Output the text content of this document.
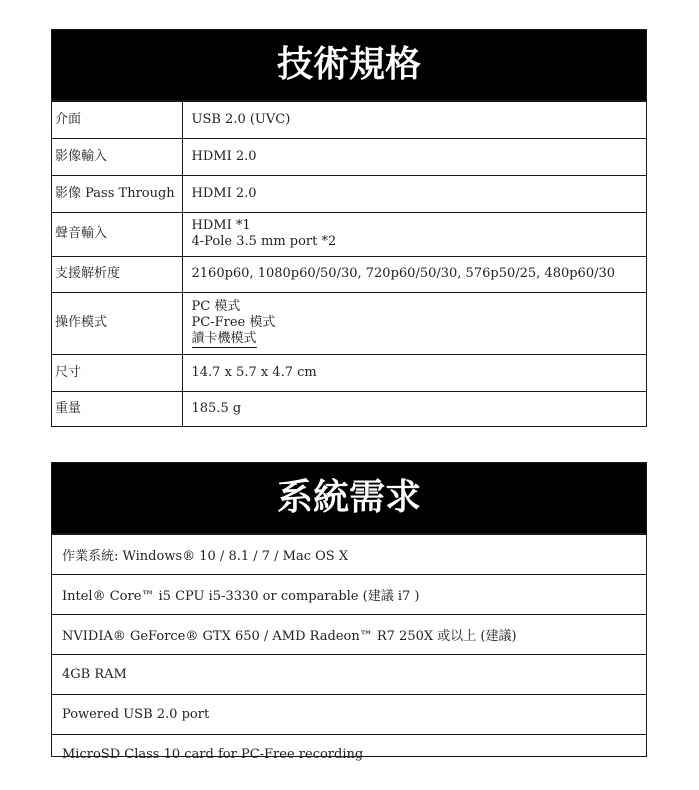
技術規格
介面	USB 2.0 (UVC)
影像輸入	HDMI 2.0
影像 Pass Through	HDMI 2.0
聲音輸入	HDMI *1
4-Pole 3.5 mm port *2

支援解析度	2160p60, 1080p60/50/30, 720p60/50/30, 576p50/25, 480p60/30
操作模式	PC 模式
PC-Free 模式
讀卡機模式
尺寸	14.7 x 5.7 x 4.7 cm
重量	185.5 g
系統需求
作業系統: Windows® 10 / 8.1 / 7 / Mac OS X
Intel® Core™ i5 CPU i5-3330 or comparable (建議 i7 )
NVIDIA® GeForce® GTX 650 / AMD Radeon™ R7 250X 或以上 (建議)
4GB RAM
Powered USB 2.0 port
MicroSD Class 10 card for PC-Free recording
